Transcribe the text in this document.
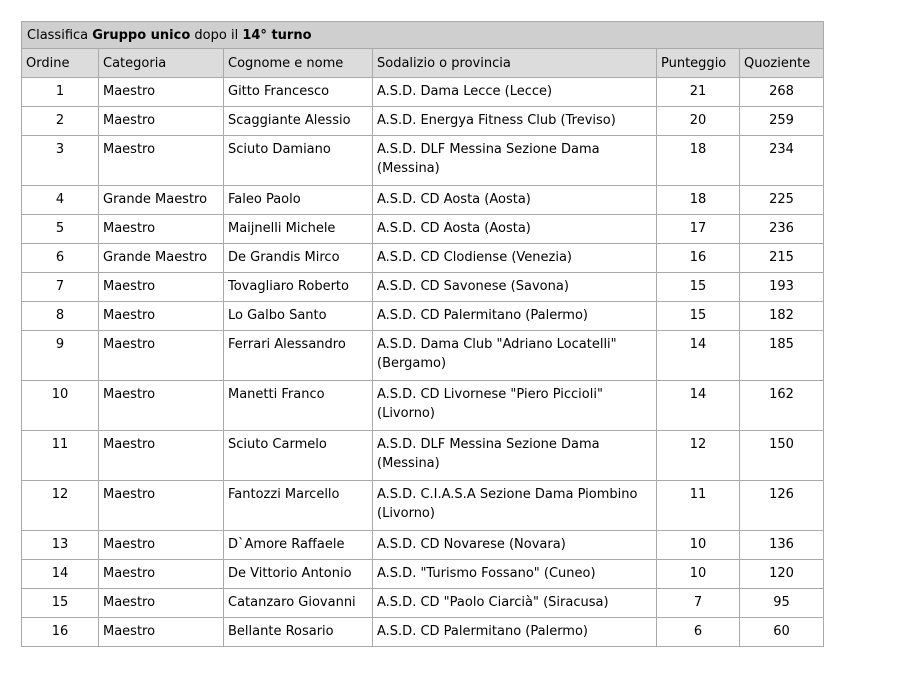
Classifica Gruppo unico dopo il 14° turno					
Ordine	Categoria	Cognome e nome	Sodalizio o provincia	Punteggio	Quoziente
1	Maestro	Gitto Francesco	A.S.D. Dama Lecce (Lecce)	21	268
2	Maestro	Scaggiante Alessio	A.S.D. Energya Fitness Club (Treviso)	20	259
3	Maestro	Sciuto Damiano	A.S.D. DLF Messina Sezione Dama (Messina)	18	234
4	Grande Maestro	Faleo Paolo	A.S.D. CD Aosta (Aosta)	18	225
5	Maestro	Maijnelli Michele	A.S.D. CD Aosta (Aosta)	17	236
6	Grande Maestro	De Grandis Mirco	A.S.D. CD Clodiense (Venezia)	16	215
7	Maestro	Tovagliaro Roberto	A.S.D. CD Savonese (Savona)	15	193
8	Maestro	Lo Galbo Santo	A.S.D. CD Palermitano (Palermo)	15	182
9	Maestro	Ferrari Alessandro	A.S.D. Dama Club "Adriano Locatelli" (Bergamo)	14	185
10	Maestro	Manetti Franco	A.S.D. CD Livornese "Piero Piccioli" (Livorno)	14	162
11	Maestro	Sciuto Carmelo	A.S.D. DLF Messina Sezione Dama (Messina)	12	150
12	Maestro	Fantozzi Marcello	A.S.D. C.I.A.S.A Sezione Dama Piombino (Livorno)	11	126
13	Maestro	D`Amore Raffaele	A.S.D. CD Novarese (Novara)	10	136
14	Maestro	De Vittorio Antonio	A.S.D. "Turismo Fossano" (Cuneo)	10	120
15	Maestro	Catanzaro Giovanni	A.S.D. CD "Paolo Ciarcià" (Siracusa)	7	95
16	Maestro	Bellante Rosario	A.S.D. CD Palermitano (Palermo)	6	60
